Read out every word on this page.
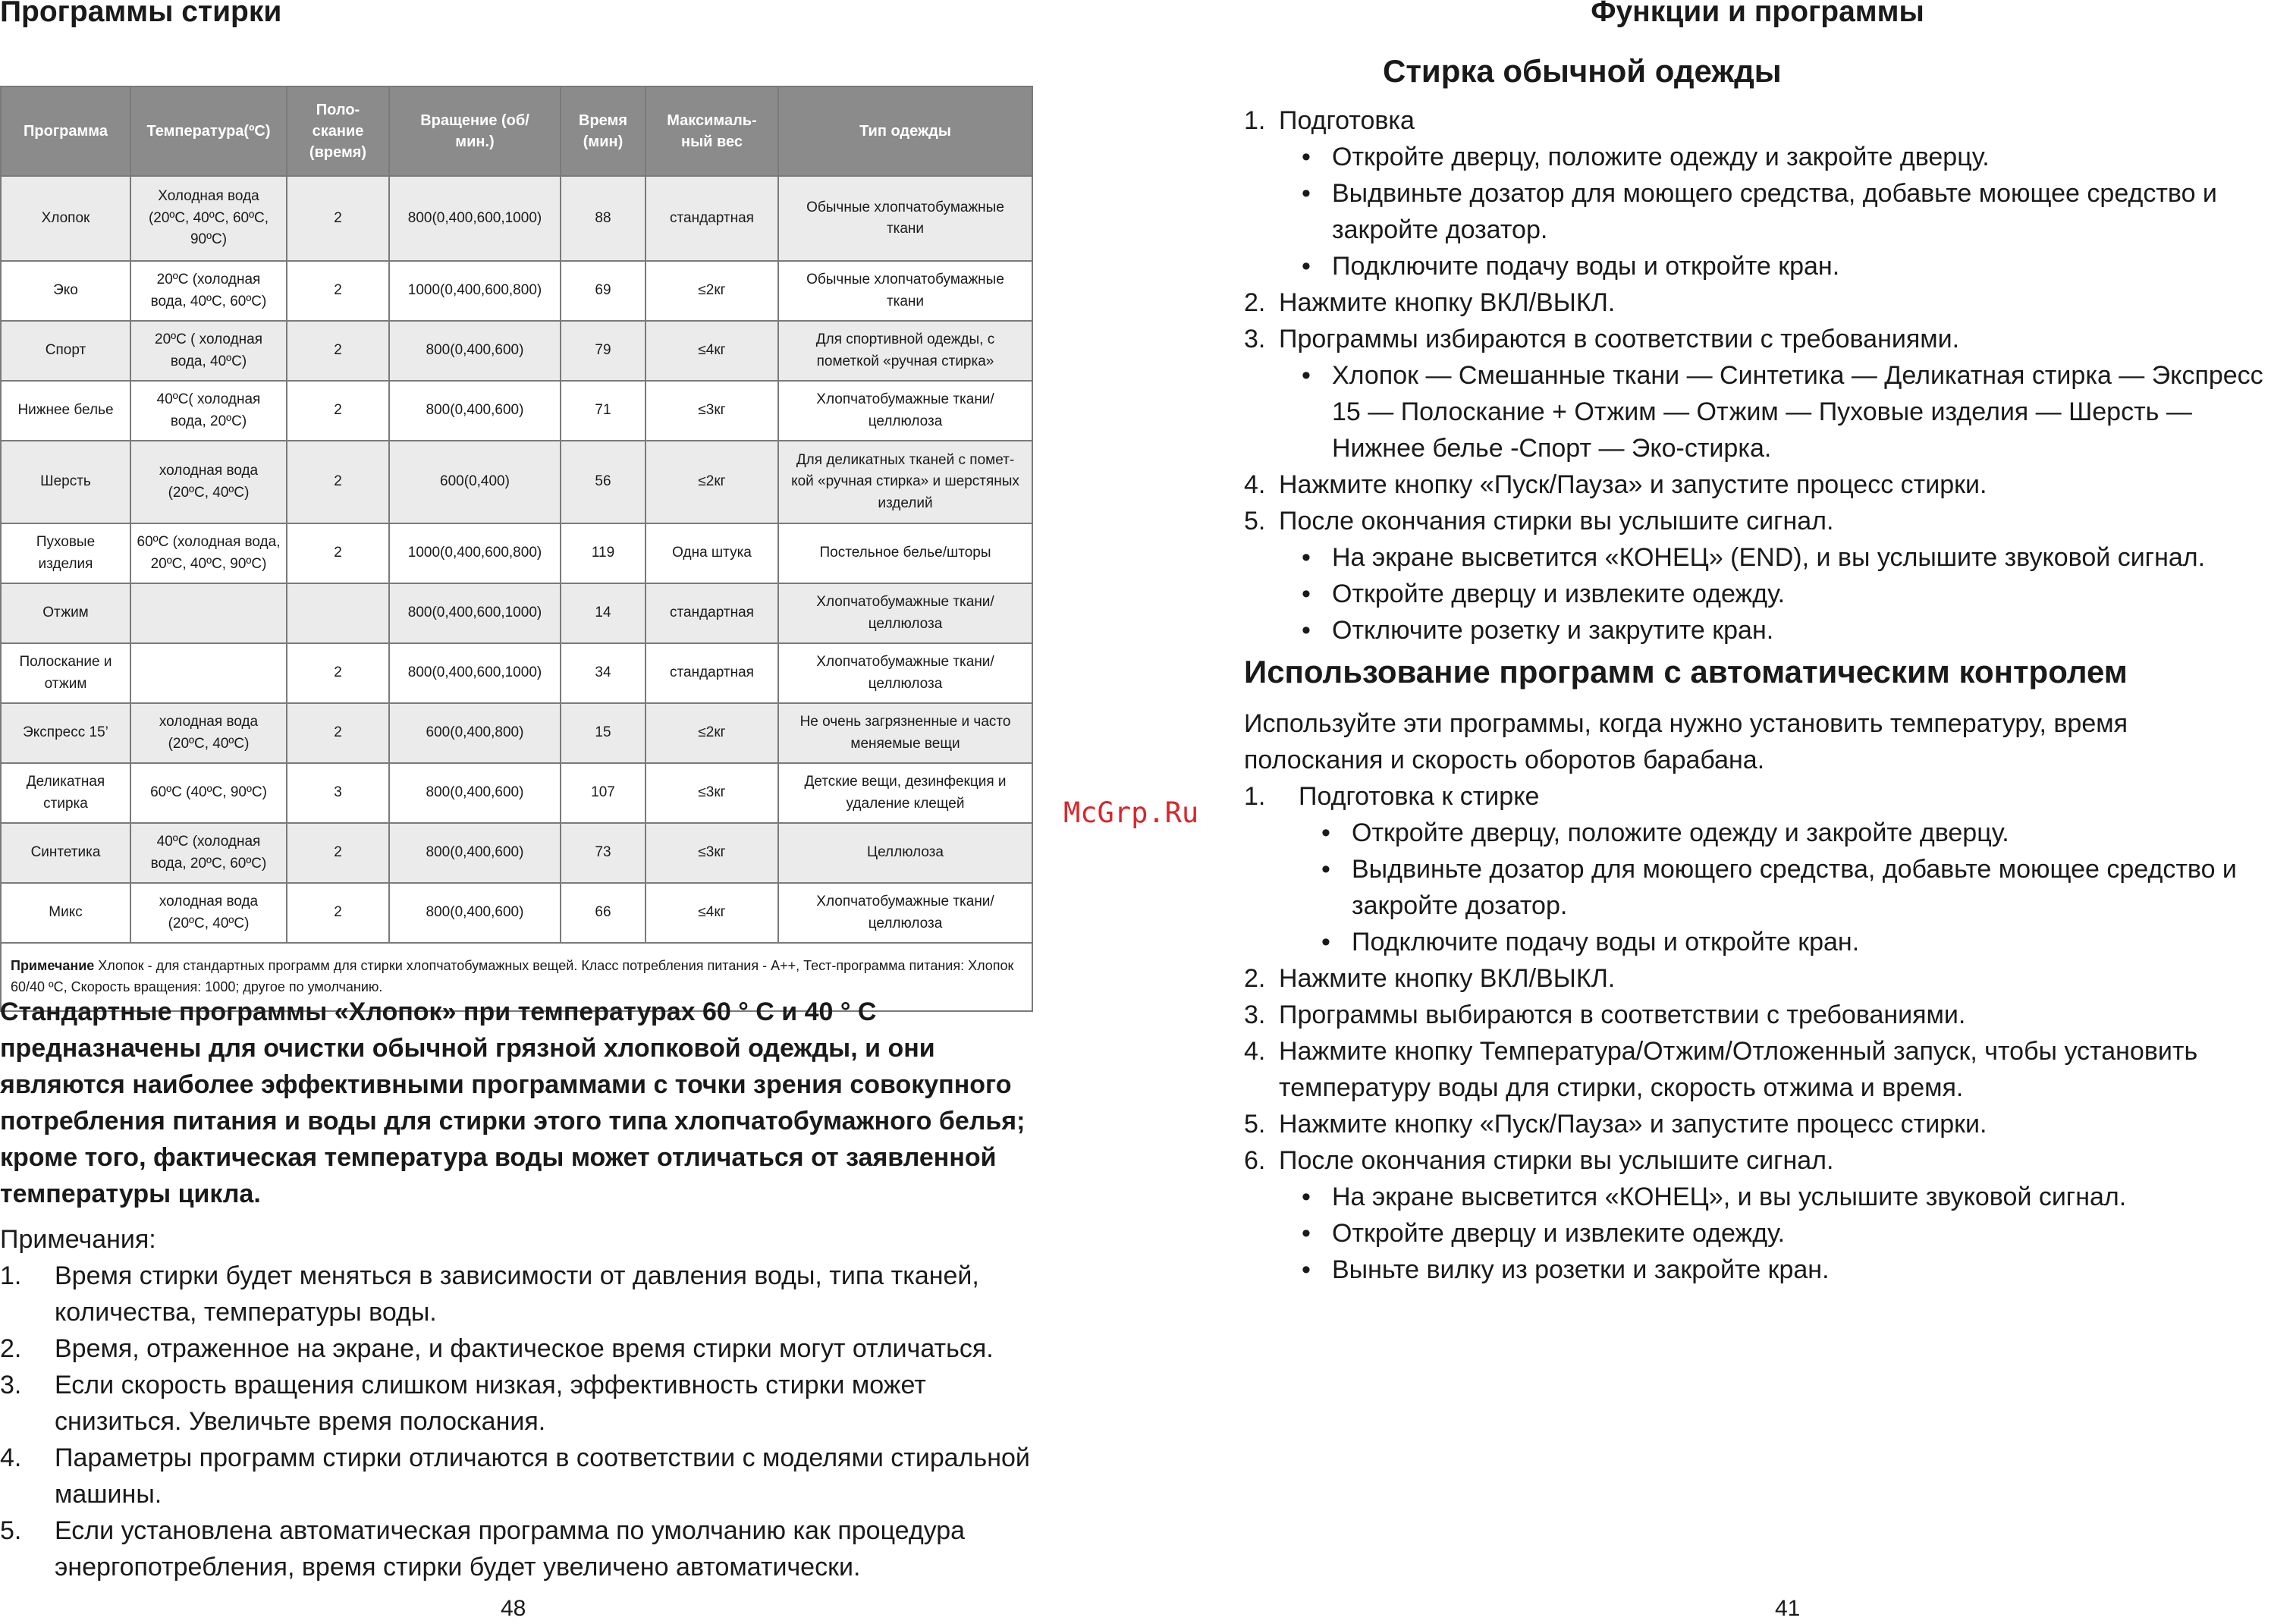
Программы стирки
Программа	Температура(ºС)	Поло-
скание
(время)	Вращение (об/
мин.)	Время
(мин)	Максималь-
ный вес	Тип одежды
Хлопок	Холодная вода
(20ºС, 40ºС, 60ºС,
90ºС)	2	800(0,400,600,1000)	88	стандартная	Обычные хлопчатобумажные
ткани
Эко	20ºС (холодная
вода, 40ºС, 60ºС)	2	1000(0,400,600,800)	69	≤2кг	Обычные хлопчатобумажные
ткани
Спорт	20ºС ( холодная
вода, 40ºС)	2	800(0,400,600)	79	≤4кг	Для спортивной одежды, с
пометкой «ручная стирка»
Нижнее белье	40ºС( холодная
вода, 20ºС)	2	800(0,400,600)	71	≤3кг	Хлопчатобумажные ткани/
целлюлоза
Шерсть	холодная вода
(20ºС, 40ºС)	2	600(0,400)	56	≤2кг	Для деликатных тканей с помет-
кой «ручная стирка» и шерстяных
изделий
Пуховые
изделия	60ºС (холодная вода,
20ºС, 40ºС, 90ºС)	2	1000(0,400,600,800)	119	Одна штука	Постельное белье/шторы
Отжим			800(0,400,600,1000)	14	стандартная	Хлопчатобумажные ткани/
целлюлоза
Полоскание и
отжим		2	800(0,400,600,1000)	34	стандартная	Хлопчатобумажные ткани/
целлюлоза
Экспресс 15’	холодная вода
(20ºС, 40ºС)	2	600(0,400,800)	15	≤2кг	Не очень загрязненные и часто
меняемые вещи
Деликатная
стирка	60ºС (40ºС, 90ºС)	3	800(0,400,600)	107	≤3кг	Детские вещи, дезинфекция и
удаление клещей
Синтетика	40ºС (холодная
вода, 20ºС, 60ºС)	2	800(0,400,600)	73	≤3кг	Целлюлоза
Микс	холодная вода
(20ºС, 40ºС)	2	800(0,400,600)	66	≤4кг	Хлопчатобумажные ткани/
целлюлоза
Примечание Хлопок - для стандартных программ для стирки хлопчатобумажных вещей. Класс потребления питания - А++, Тест-программа питания: Хлопок 60/40 ºС, Скорость вращения: 1000; другое по умолчанию.						

Стандартные программы «Хлопок» при температурах 60 ° С и 40 ° С предназначены для очистки обычной грязной хлопковой одежды, и они являются наиболее эффективными программами с точки зрения совокупного потребления питания и воды для стирки этого типа хлопчатобумажного белья; кроме того, фактическая температура воды может отличаться от заявленной температуры цикла.

Примечания:

1. Время стирки будет меняться в зависимости от давления воды, типа тканей, количества, температуры воды.
2. Время, отраженное на экране, и фактическое время стирки могут отличаться.
3. Если скорость вращения слишком низкая, эффективность стирки может снизиться. Увеличьте время полоскания.
4. Параметры программ стирки отличаются в соответствии с моделями стиральной машины.
5. Если установлена автоматическая программа по умолчанию как процедура энергопотребления, время стирки будет увеличено автоматически.

48

McGrp.Ru

Функции и программы
Стирка обычной одежды
1. Подготовка
• Откройте дверцу, положите одежду и закройте дверцу.
• Выдвиньте дозатор для моющего средства, добавьте моющее средство и закройте дозатор.
• Подключите подачу воды и откройте кран.
2. Нажмите кнопку ВКЛ/ВЫКЛ.
3. Программы избираются в соответствии с требованиями.
• Хлопок — Смешанные ткани — Синтетика — Деликатная стирка — Экспресс 15 — Полоскание + Отжим — Отжим — Пуховые изделия — Шерсть — Нижнее белье -Спорт — Эко-стирка.
4. Нажмите кнопку «Пуск/Пауза» и запустите процесс стирки.
5. После окончания стирки вы услышите сигнал.
• На экране высветится «КОНЕЦ» (END), и вы услышите звуковой сигнал.
• Откройте дверцу и извлеките одежду.
• Отключите розетку и закрутите кран.
Использование программ с автоматическим контролем

Используйте эти программы, когда нужно установить температуру, время полоскания и скорость оборотов барабана.

1. Подготовка к стирке
• Откройте дверцу, положите одежду и закройте дверцу.
• Выдвиньте дозатор для моющего средства, добавьте моющее средство и закройте дозатор.
• Подключите подачу воды и откройте кран.
2. Нажмите кнопку ВКЛ/ВЫКЛ.
3. Программы выбираются в соответствии с требованиями.
4. Нажмите кнопку Температура/Отжим/Отложенный запуск, чтобы установить температуру воды для стирки, скорость отжима и время.
5. Нажмите кнопку «Пуск/Пауза» и запустите процесс стирки.
6. После окончания стирки вы услышите сигнал.
• На экране высветится «КОНЕЦ», и вы услышите звуковой сигнал.
• Откройте дверцу и извлеките одежду.
• Выньте вилку из розетки и закройте кран.

41
